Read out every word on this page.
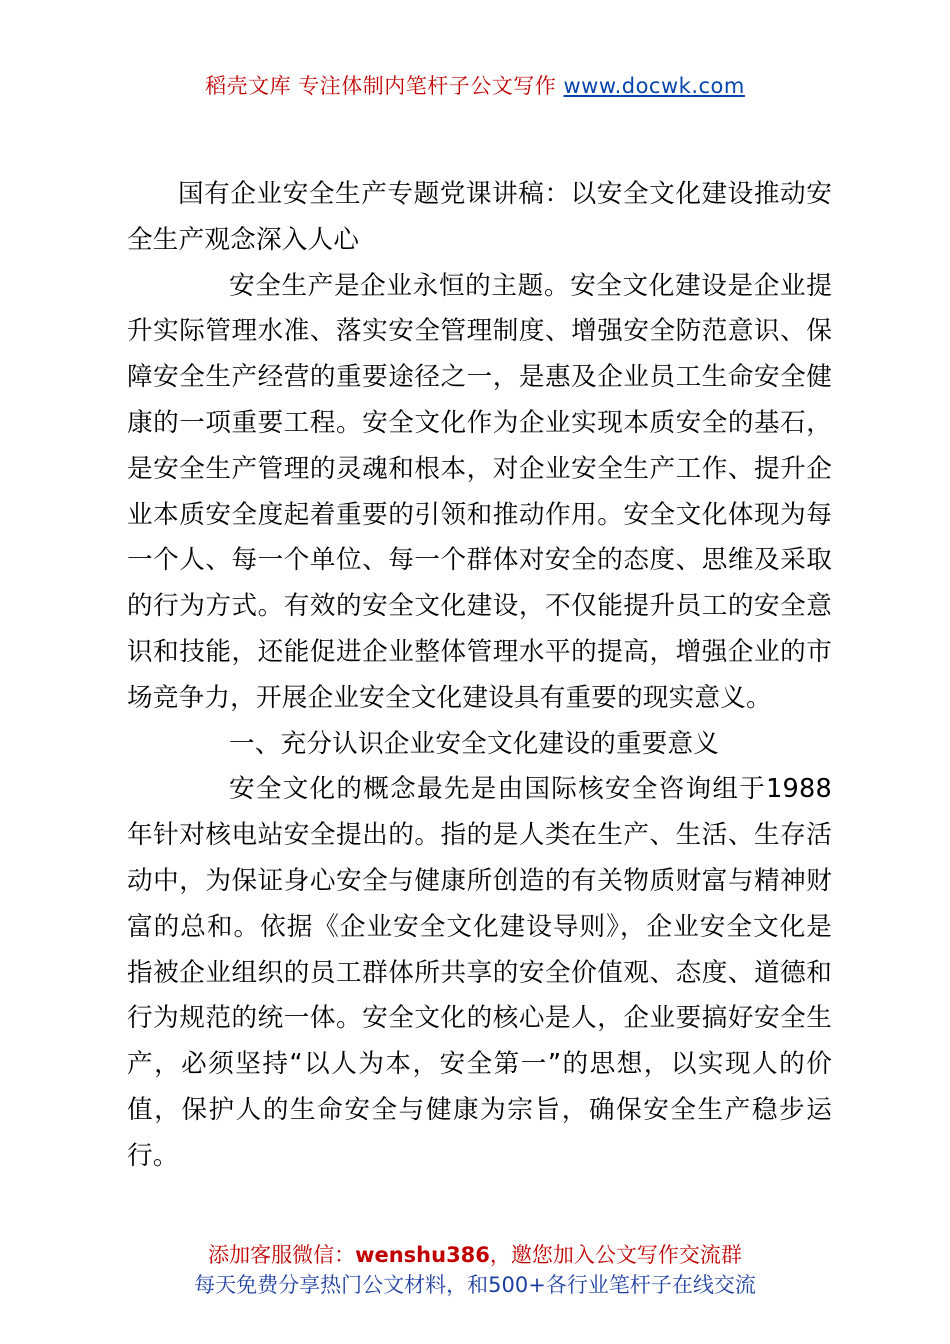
稻壳文库 专注体制内笔杆子公文写作 www.docwk.com

国有企业安全生产专题党课讲稿：以安全文化建设推动安全生产观念深入人心

安全生产是企业永恒的主题。安全文化建设是企业提升实际管理水准、落实安全管理制度、增强安全防范意识、保障安全生产经营的重要途径之一，是惠及企业员工生命安全健康的一项重要工程。安全文化作为企业实现本质安全的基石，是安全生产管理的灵魂和根本，对企业安全生产工作、提升企业本质安全度起着重要的引领和推动作用。安全文化体现为每一个人、每一个单位、每一个群体对安全的态度、思维及采取的行为方式。有效的安全文化建设，不仅能提升员工的安全意识和技能，还能促进企业整体管理水平的提高，增强企业的市场竞争力，开展企业安全文化建设具有重要的现实意义。

一、充分认识企业安全文化建设的重要意义

安全文化的概念最先是由国际核安全咨询组于1988年针对核电站安全提出的。指的是人类在生产、生活、生存活动中，为保证身心安全与健康所创造的有关物质财富与精神财富的总和。依据《企业安全文化建设导则》，企业安全文化是指被企业组织的员工群体所共享的安全价值观、态度、道德和行为规范的统一体。安全文化的核心是人，企业要搞好安全生产，必须坚持“以人为本，安全第一”的思想，以实现人的价值，保护人的生命安全与健康为宗旨，确保安全生产稳步运行。

添加客服微信：wenshu386，邀您加入公文写作交流群
每天免费分享热门公文材料，和500+各行业笔杆子在线交流
